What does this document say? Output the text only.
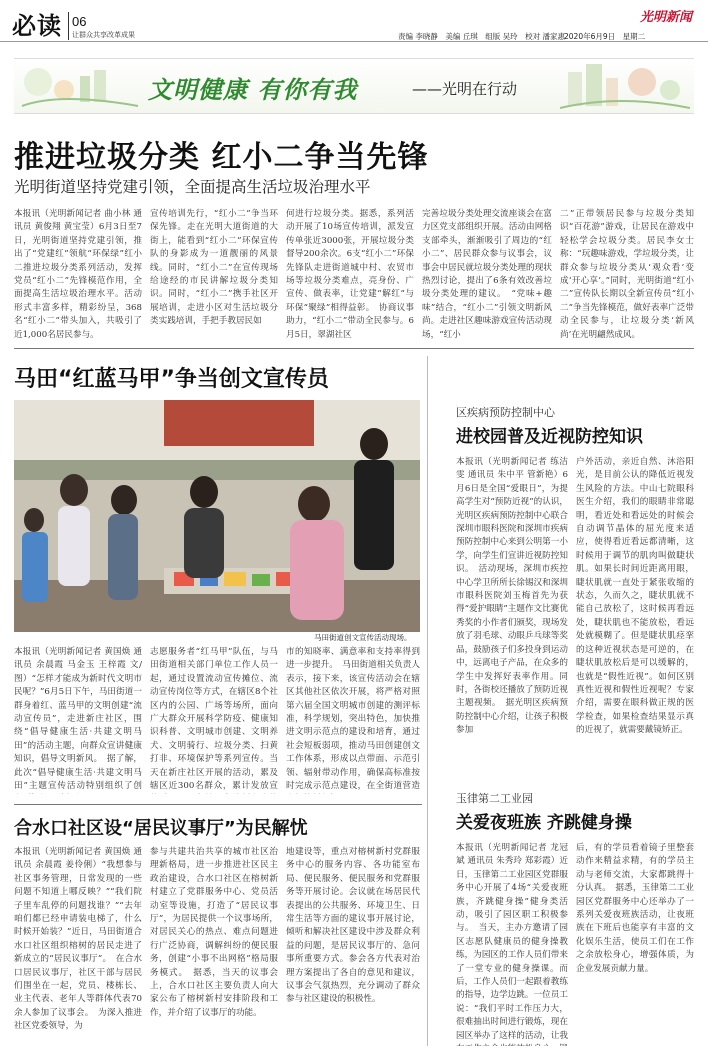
必读 06
让群众共享改革成果	责编 李晓静　美编 丘琪　组版 吴玲　校对 潘家惠
2020年6月9日　星期二
光明新闻
文明健康 有你有我	——光明在行动
推进垃圾分类 红小二争当先锋
光明街道坚持党建引领，全面提高生活垃圾治理水平
本报讯（光明新闻记者 曲小林 通讯员 黄俊翔 黄宝莹）6月3日至7日，光明街道坚持党建引领，推出了“党建红”领航“环保绿”红小二推进垃圾分类系列活动，发挥党员“红小二”先锋模范作用，全面提高生活垃圾治理水平。活动形式丰富多样，精彩纷呈，368名“红小二”带头加入，共吸引了近1,000名居民参与。
宣传培训先行，“红小二”争当环保先锋。走在光明大道街道的大街上，能看到“红小二”环保宣传队的身影成为一道靓丽的风景线。同时，“红小二”在宣传现场给途经的市民讲解垃圾分类知识。同时，“红小二”携手社区开展培训，走进小区对生活垃圾分类实践培训，手把手教居民如
何进行垃圾分类。据悉，系列活动开展了10场宣传培训，派发宣传单张近3000张，开展垃圾分类督导200余次。6支“红小二”环保先锋队走进街道城中村、农贸市场等垃圾分类难点，亮身份、广宣传、做表率，让党建“解红”与环保“聚绿”相得益彰。　协商议事助力，“红小二”带动全民参与。6月5日，翠湖社区
完善垃圾分类处理交流座谈会在富力区党支部组织开展。活动由网格支部牵头，渐渐吸引了周边的“红小二”、居民群众参与议事会，议事会中居民就垃圾分类处理的现状热烈讨论，提出了6条有效改善垃圾分类处理的建议。　“党味+趣味”结合，“红小二”引领文明新风尚。走进社区趣味游戏宣传活动现场，“红小
二”正带领居民参与垃圾分类知识“百花游”游戏，让居民在游戏中轻松学会垃圾分类。居民李女士称：“玩趣味游戏，学垃圾分类，让群众参与垃圾分类从‘观众看’变成‘开心享’。”同时，光明街道“红小二”宣传队长期以全新宣传员“红小二”争当先锋模范，做好表率广泛带动全民参与，让垃圾分类‘新风尚’在光明翩然成风。
马田“红蓝马甲”争当创文宣传员
马田街道创文宣传活动现场。
本报讯（光明新闻记者 黄国焕 通讯员 余晨霞 马金玉 王梓霞 文/图）“怎样才能成为新时代文明市民呢？”6月5日下午，马田街道一群身着红、蓝马甲的文明创建“流动宣传员”，走进新庄社区，围绕“倡导健康生活·共建文明马田”的活动主题，向群众宣讲健康知识，倡导文明新风。　据了解，此次“倡导健康生活·共建文明马田”主题宣传活动特别组织了创
志愿服务者“红马甲”队伍，与马田街道相关部门单位工作人员一起，通过设置流动宣传摊位、流动宣传岗位等方式，在辖区8个社区内的公园、广场等场所，面向广大群众开展科学防疫、健康知识科普、文明城市创建、文明养犬、文明骑行、垃圾分类、扫黄打非、环境保护等系列宣传。当天在新庄社区开展的活动，累及辖区近300名群众，累计发放宣
市的知晓率、满意率和支持率得到进一步提升。　马田街道相关负责人表示，接下来，该宣传活动会在辖区其他社区依次开展，将严格对照第六届全国文明城市创建的测评标准，科学规划，突出特色，加快推进文明示范点的建设和培育，通过社会短板弱项，推动马田创建创文工作体系，形成以点带面、示范引领、辐射带动作用，确保高标准按时完成示范点建设，在全街道营造
区疾病预防控制中心
进校园普及近视防控知识
本报讯（光明新闻记者 练洁雯 通讯员 朱中平 管新艳）6月6日是全国“爱眼日”，为提高学生对“预防近视”的认识，光明区疾病预防控制中心联合深圳市眼科医院和深圳市疾病预防控制中心来到公明第一小学，向学生们宣讲近视防控知识。　活动现场，深圳市疾控中心学卫所所长徐锡汉和深圳市眼科医院刘玉梅首先为获得“爱护眼睛”主题作文比赛优秀奖的小作者们颁奖，现场发放了羽毛球、动眼乒乓球等奖品，鼓励孩子们多投身到运动中，远离电子产品，在众多的学生中发挥好表率作用。同时，各街校还播放了预防近视主题视频。　据光明区疾病预防控制中心介绍，让孩子积极参加
户外活动，亲近自然、沐浴阳光，是目前公认的降低近视发生风险的方法。中山七院眼科医生介绍，我们的眼睛非常聪明，看近处和看远处的时候会自动调节晶体的屈光度来适应，使得看近看远都清晰，这时候用于调节的肌肉叫做睫状肌。如果长时间近距离用眼，睫状肌就一直处于紧张收缩的状态，久而久之，睫状肌就不能自己放松了，这时候再看远处，睫状肌也不能放松，看远处就模糊了。但是睫状肌痉挛的这种近视状态是可逆的，在睫状肌放松后是可以缓解的，也就是“假性近视”。如何区别真性近视和假性近视呢？专家介绍，需要在眼科做正规的医学检查，如果检查结果显示真的近视了，就需要戴镜矫正。
合水口社区设“居民议事厅”为民解忧
本报讯（光明新闻记者 黄国焕 通讯员 余晨霞 姜伶俐）“我想参与社区事务管理，日常发现的一些问题不知道上哪反映？”“我们院子里车乱停的问题找谁？”“去年咱们都已经申请装电梯了，什么时候开始装？”近日，马田街道合水口社区组织榕树的居民走进了新成立的“居民议事厅”。　在合水口居民议事厅，社区干部与居民们围坐在一起，党员、楼栋长、业主代表、老年人等群体代表70余人参加了议事会。　为深入推进社区党委领导，为
参与共建共治共享的城市社区治理新格局，进一步推进社区民主政治建设，合水口社区在榕树新村建立了党群服务中心、党员活动室等设施，打造了“居民议事厅”，为居民提供一个议事场所，对居民关心的热点、难点问题进行广泛协商，调解纠纷的便民服务，创建“小事不出网格”格局服务模式。　据悉，当天的议事会上，合水口社区主要负责人向大家公布了榕树新村安排阶段和工作，并介绍了议事厅的功能。
地建设等，重点对榕树新村党群服务中心的服务内容、各功能室布局、便民服务、便民服务和党群服务等开展讨论。会议就在场居民代表提出的公共服务、环境卫生、日常生活等方面的建议事开展讨论，倾听和解决社区建设中涉及群众利益的问题，是居民议事厅的、急问事所重要方式。参会各方代表对治理方案提出了各自的意见和建议，议事会气氛热烈，充分调动了群众参与社区建设的积极性。
玉律第二工业园
关爱夜班族 齐跳健身操
本报讯（光明新闻记者 龙冠斌 通讯员 朱秀玲 郑彩霞）近日，玉律第二工业园区党群服务中心开展了4场“关爱夜班族，齐跳健身操”健身类活动，吸引了园区职工积极参与。　当天，主办方邀请了园区志愿队健康员的健身操教练，为园区的工作人员们带来了一堂专业的健身操课。而后，工作人员们一起跟着教练的指导，边学边跳。一位员工说：“我们平时工作压力大，很难抽出时间进行锻炼，现在园区举办了这样的活动，让我
后，有的学员看着镜子里整套动作来精益求精，有的学员主动与老师交流，大家都跳得十分认真。　据悉，玉律第二工业园区党群服务中心还举办了一系列关爱夜班族活动，让夜班族在下班后也能享有丰富的文化娱乐生活，使员工们在工作之余放松身心，增强体质，为企业发展贡献力量。
